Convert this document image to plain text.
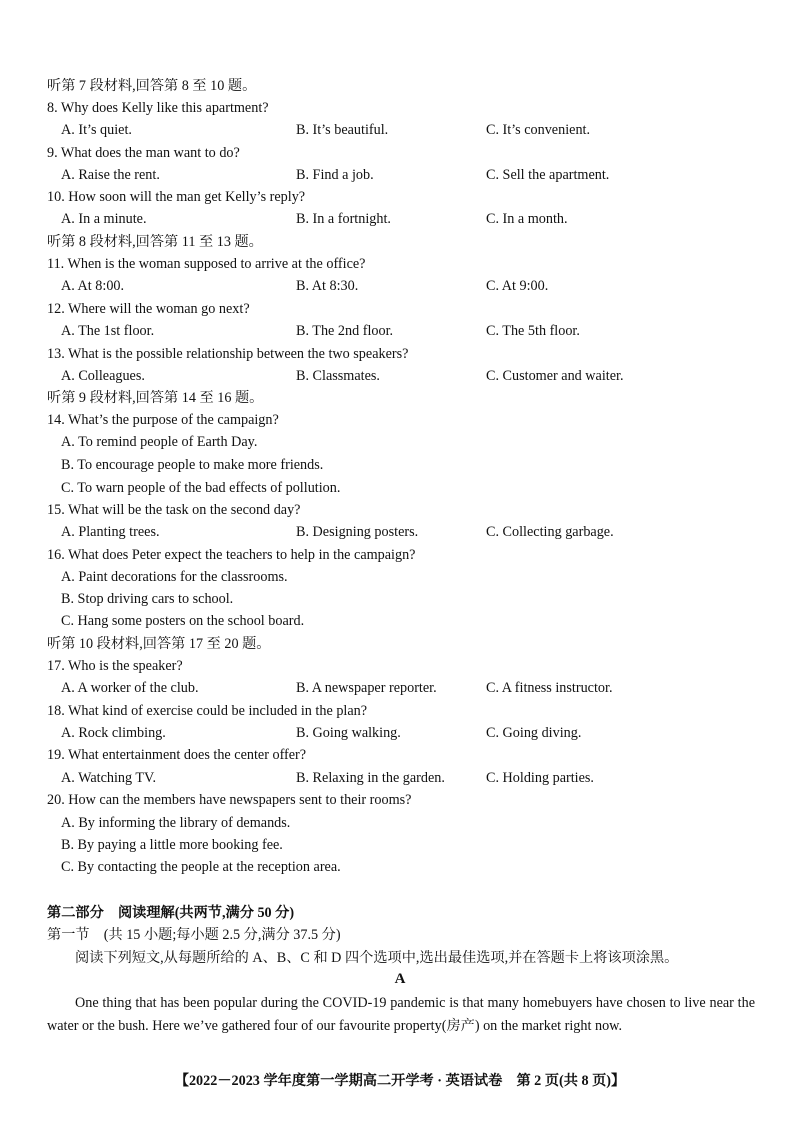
听第 7 段材料,回答第 8 至 10 题。
8. Why does Kelly like this apartment?
A. It’s quiet.	B. It’s beautiful.	C. It’s convenient.
9. What does the man want to do?
A. Raise the rent.	B. Find a job.	C. Sell the apartment.
10. How soon will the man get Kelly’s reply?
A. In a minute.	B. In a fortnight.	C. In a month.
听第 8 段材料,回答第 11 至 13 题。
11. When is the woman supposed to arrive at the office?
A. At 8:00.	B. At 8:30.	C. At 9:00.
12. Where will the woman go next?
A. The 1st floor.	B. The 2nd floor.	C. The 5th floor.
13. What is the possible relationship between the two speakers?
A. Colleagues.	B. Classmates.	C. Customer and waiter.
听第 9 段材料,回答第 14 至 16 题。
14. What’s the purpose of the campaign?
A. To remind people of Earth Day.
B. To encourage people to make more friends.
C. To warn people of the bad effects of pollution.
15. What will be the task on the second day?
A. Planting trees.	B. Designing posters.	C. Collecting garbage.
16. What does Peter expect the teachers to help in the campaign?
A. Paint decorations for the classrooms.
B. Stop driving cars to school.
C. Hang some posters on the school board.
听第 10 段材料,回答第 17 至 20 题。
17. Who is the speaker?
A. A worker of the club.	B. A newspaper reporter.	C. A fitness instructor.
18. What kind of exercise could be included in the plan?
A. Rock climbing.	B. Going walking.	C. Going diving.
19. What entertainment does the center offer?
A. Watching TV.	B. Relaxing in the garden.	C. Holding parties.
20. How can the members have newspapers sent to their rooms?
A. By informing the library of demands.
B. By paying a little more booking fee.
C. By contacting the people at the reception area.
第二部分　阅读理解(共两节,满分 50 分)
第一节　(共 15 小题;每小题 2.5 分,满分 37.5 分)
阅读下列短文,从每题所给的 A、B、C 和 D 四个选项中,选出最佳选项,并在答题卡上将该项涂黑。
A
One thing that has been popular during the COVID-19 pandemic is that many homebuyers have chosen to live near the water or the bush. Here we’ve gathered four of our favourite property(房产) on the market right now.
【2022－2023 学年度第一学期高二开学考 · 英语试卷　第 2 页(共 8 页)】
